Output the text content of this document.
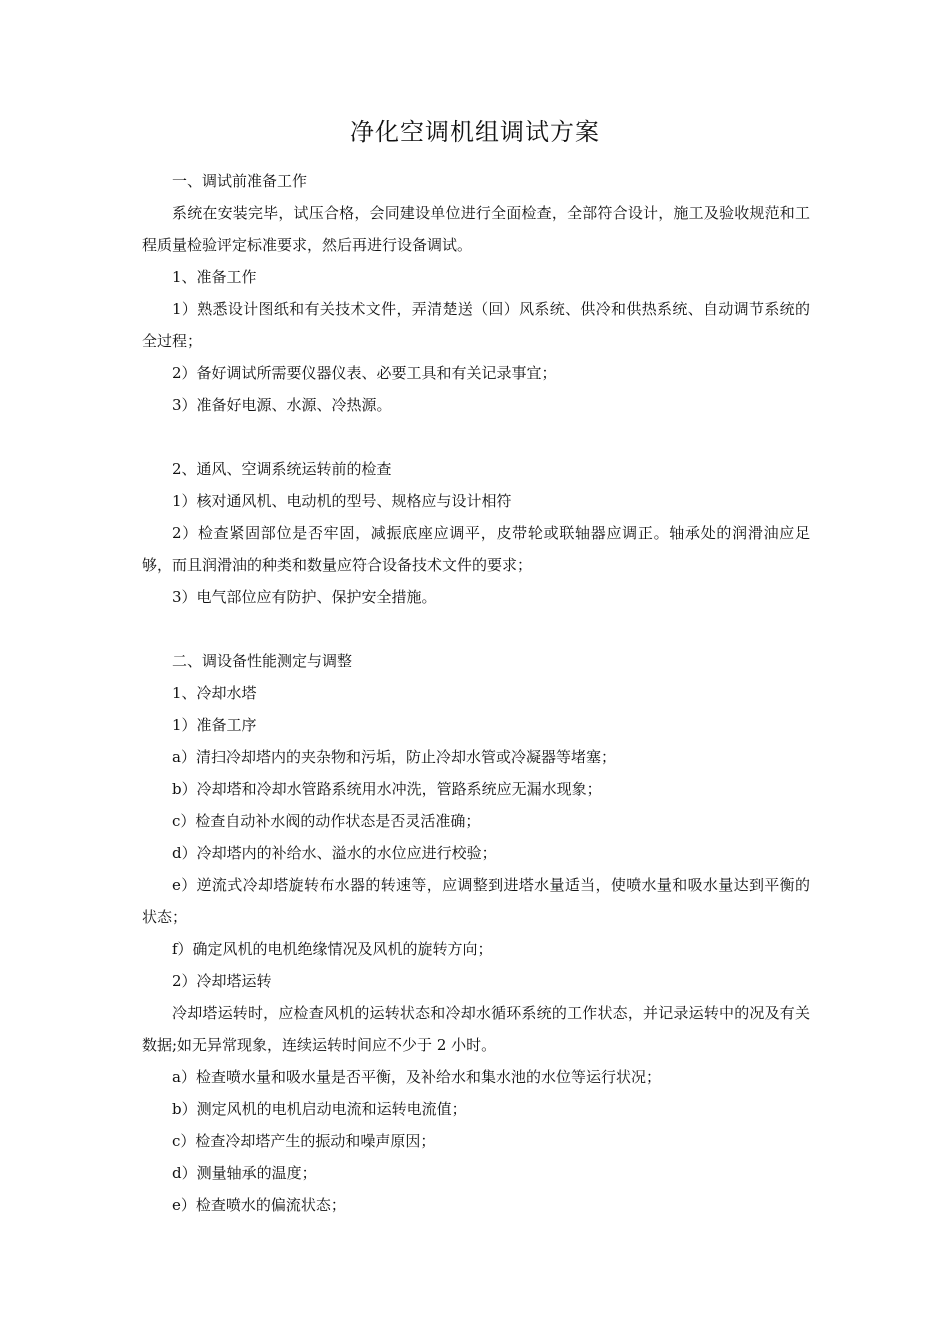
净化空调机组调试方案
一、调试前准备工作
系统在安装完毕，试压合格，会同建设单位进行全面检查，全部符合设计，施工及验收规范和工程质量检验评定标准要求，然后再进行设备调试。
1、准备工作
1）熟悉设计图纸和有关技术文件，弄清楚送（回）风系统、供冷和供热系统、自动调节系统的全过程；
2）备好调试所需要仪器仪表、必要工具和有关记录事宜；
3）准备好电源、水源、冷热源。
2、通风、空调系统运转前的检查
1）核对通风机、电动机的型号、规格应与设计相符
2）检查紧固部位是否牢固，减振底座应调平，皮带轮或联轴器应调正。轴承处的润滑油应足够，而且润滑油的种类和数量应符合设备技术文件的要求；
3）电气部位应有防护、保护安全措施。
二、调设备性能测定与调整
1、冷却水塔
1）准备工序
a）清扫冷却塔内的夹杂物和污垢，防止冷却水管或冷凝器等堵塞；
b）冷却塔和冷却水管路系统用水冲洗，管路系统应无漏水现象；
c）检查自动补水阀的动作状态是否灵活准确；
d）冷却塔内的补给水、溢水的水位应进行校验；
e）逆流式冷却塔旋转布水器的转速等，应调整到进塔水量适当，使喷水量和吸水量达到平衡的状态；
f）确定风机的电机绝缘情况及风机的旋转方向；
2）冷却塔运转
冷却塔运转时，应检查风机的运转状态和冷却水循环系统的工作状态，并记录运转中的况及有关数据;如无异常现象，连续运转时间应不少于 2 小时。
a）检查喷水量和吸水量是否平衡，及补给水和集水池的水位等运行状况；
b）测定风机的电机启动电流和运转电流值；
c）检查冷却塔产生的振动和噪声原因；
d）测量轴承的温度；
e）检查喷水的偏流状态；
